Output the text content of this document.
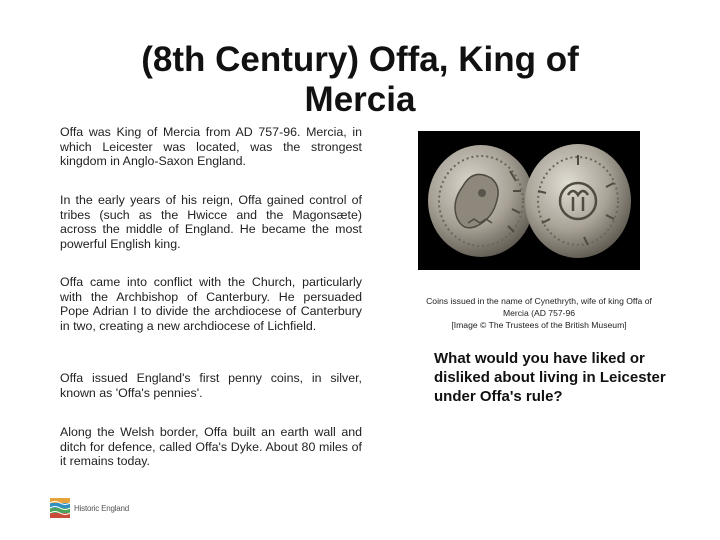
(8th Century) Offa, King of Mercia
Offa was King of Mercia from AD 757-96. Mercia, in which Leicester was located, was the strongest kingdom in Anglo-Saxon England.
In the early years of his reign, Offa gained control of tribes (such as the Hwicce and the Magonsæte) across the middle of England. He became the most powerful English king.
Offa came into conflict with the Church, particularly with the Archbishop of Canterbury. He persuaded Pope Adrian I to divide the archdiocese of Canterbury in two, creating a new archdiocese of Lichfield.
Offa issued England's first penny coins, in silver, known as 'Offa's pennies'.
Along the Welsh border, Offa built an earth wall and ditch for defence, called Offa's Dyke. About 80 miles of it remains today.
Coins issued in the name of Cynethryth, wife of king Offa of Mercia (AD 757-96
[Image © The Trustees of the British Museum]
What would you have liked or disliked about living in Leicester under Offa's rule?
Historic England
